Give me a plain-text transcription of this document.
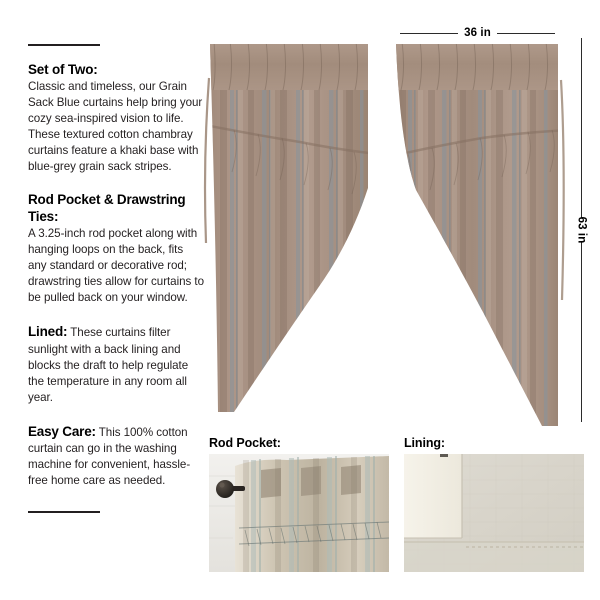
Set of Two:

Classic and timeless, our Grain Sack Blue curtains help bring your cozy sea-inspired vision to life. These textured cotton chambray curtains feature a khaki base with blue-grey grain sack stripes.

Rod Pocket & Drawstring Ties:

A 3.25-inch rod pocket along with hanging loops on the back, fits any standard or decorative rod; drawstring ties allow for curtains to be pulled back on your window.

Lined: These curtains filter sunlight with a back lining and blocks the draft to help regulate the temperature in any room all year.

Easy Care: This 100% cotton curtain can go in the washing machine for convenient, hassle-free home care as needed.

36 in
63 in

Rod Pocket:	Lining:
